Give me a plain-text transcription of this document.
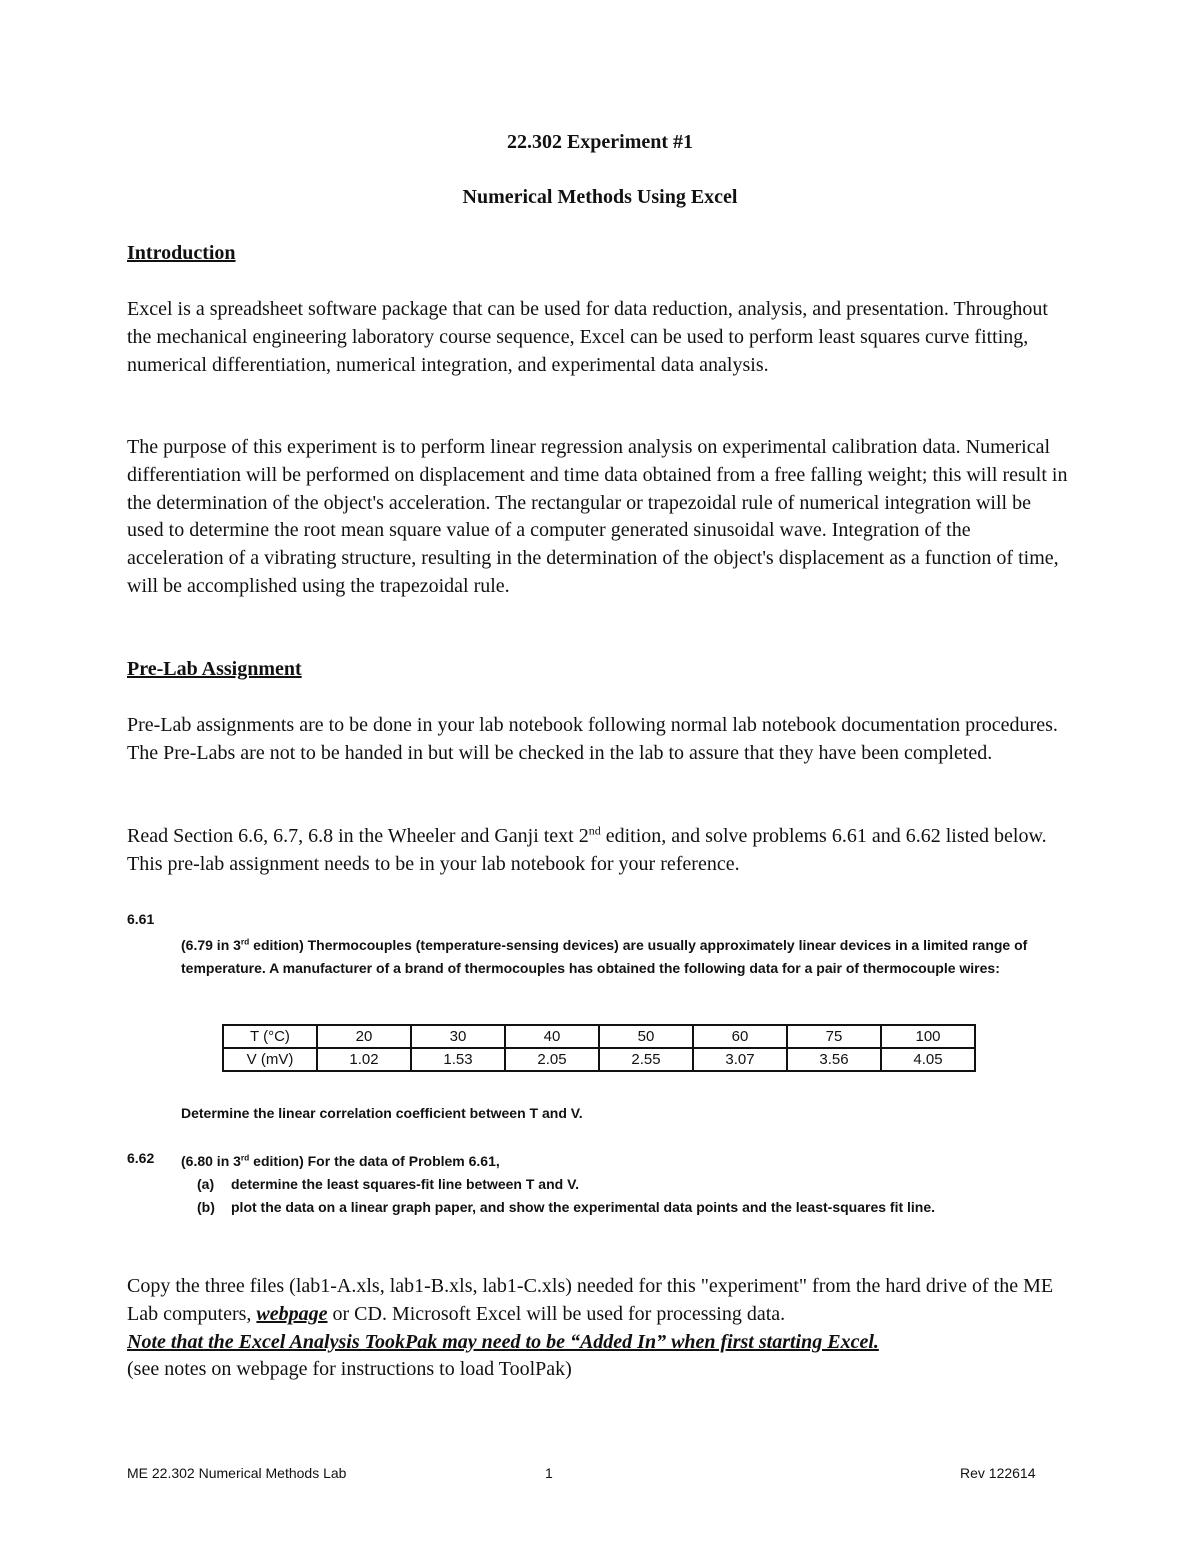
22.302 Experiment #1
Numerical Methods Using Excel
Introduction

Excel is a spreadsheet software package that can be used for data reduction, analysis, and presentation. Throughout the mechanical engineering laboratory course sequence, Excel can be used to perform least squares curve fitting, numerical differentiation, numerical integration, and experimental data analysis.

The purpose of this experiment is to perform linear regression analysis on experimental calibration data. Numerical differentiation will be performed on displacement and time data obtained from a free falling weight; this will result in the determination of the object's acceleration. The rectangular or trapezoidal rule of numerical integration will be used to determine the root mean square value of a computer generated sinusoidal wave. Integration of the acceleration of a vibrating structure, resulting in the determination of the object's displacement as a function of time, will be accomplished using the trapezoidal rule.

Pre-Lab Assignment

Pre-Lab assignments are to be done in your lab notebook following normal lab notebook documentation procedures. The Pre-Labs are not to be handed in but will be checked in the lab to assure that they have been completed.

Read Section 6.6, 6.7, 6.8 in the Wheeler and Ganji text 2nd edition, and solve problems 6.61 and 6.62 listed below. This pre-lab assignment needs to be in your lab notebook for your reference.

6.61

(6.79 in 3rd edition) Thermocouples (temperature-sensing devices) are usually approximately linear devices in a limited range of temperature. A manufacturer of a brand of thermocouples has obtained the following data for a pair of thermocouple wires:

T (°C)	20	30	40	50	60	75	100
V (mV)	1.02	1.53	2.05	2.55	3.07	3.56	4.05
Determine the linear correlation coefficient between T and V.
6.62 (6.80 in 3rd edition) For the data of Problem 6.61,
(a) determine the least squares-fit line between T and V.
(b) plot the data on a linear graph paper, and show the experimental data points and the least-squares fit line.

Copy the three files (lab1-A.xls, lab1-B.xls, lab1-C.xls) needed for this "experiment" from the hard drive of the ME Lab computers, webpage or CD. Microsoft Excel will be used for processing data.
Note that the Excel Analysis TookPak may need to be “Added In” when first starting Excel.
(see notes on webpage for instructions to load ToolPak)

ME 22.302 Numerical Methods Lab	1	Rev 122614
